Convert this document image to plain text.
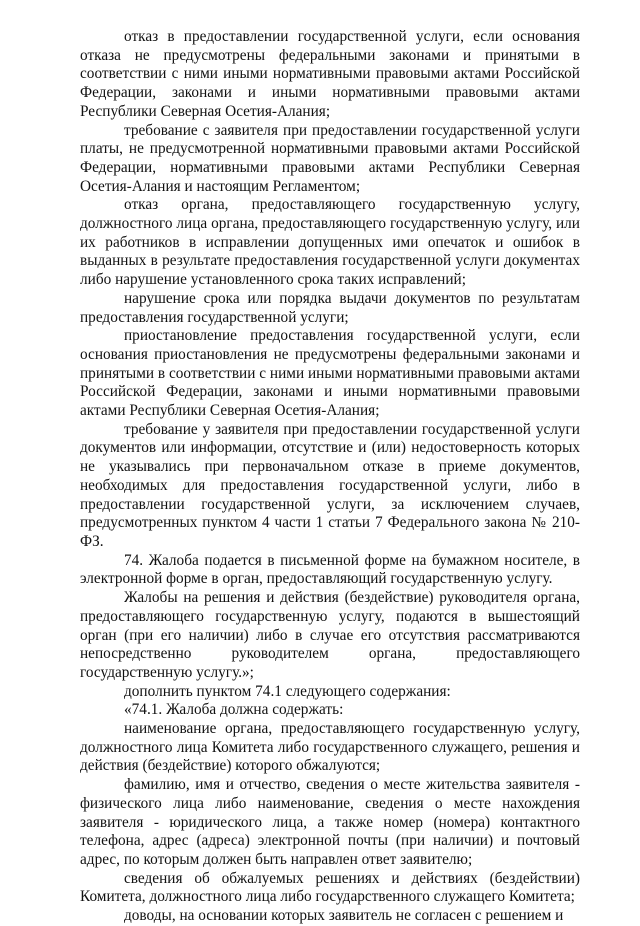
отказ в предоставлении государственной услуги, если основания отказа не предусмотрены федеральными законами и принятыми в соответствии с ними иными нормативными правовыми актами Российской Федерации, законами и иными нормативными правовыми актами Республики Северная Осетия-Алания;

требование с заявителя при предоставлении государственной услуги платы, не предусмотренной нормативными правовыми актами Российской Федерации, нормативными правовыми актами Республики Северная Осетия-Алания и настоящим Регламентом;

отказ органа, предоставляющего государственную услугу, должностного лица органа, предоставляющего государственную услугу, или их работников в исправлении допущенных ими опечаток и ошибок в выданных в результате предоставления государственной услуги документах либо нарушение установленного срока таких исправлений;

нарушение срока или порядка выдачи документов по результатам предоставления государственной услуги;

приостановление предоставления государственной услуги, если основания приостановления не предусмотрены федеральными законами и принятыми в соответствии с ними иными нормативными правовыми актами Российской Федерации, законами и иными нормативными правовыми актами Республики Северная Осетия-Алания;

требование у заявителя при предоставлении государственной услуги документов или информации, отсутствие и (или) недостоверность которых не указывались при первоначальном отказе в приеме документов, необходимых для предоставления государственной услуги, либо в предоставлении государственной услуги, за исключением случаев, предусмотренных пунктом 4 части 1 статьи 7 Федерального закона № 210-ФЗ.

74. Жалоба подается в письменной форме на бумажном носителе, в электронной форме в орган, предоставляющий государственную услугу.

Жалобы на решения и действия (бездействие) руководителя органа, предоставляющего государственную услугу, подаются в вышестоящий орган (при его наличии) либо в случае его отсутствия рассматриваются непосредственно руководителем органа, предоставляющего государственную услугу.»;

дополнить пунктом 74.1 следующего содержания:

«74.1. Жалоба должна содержать:

наименование органа, предоставляющего государственную услугу, должностного лица Комитета либо государственного служащего, решения и действия (бездействие) которого обжалуются;

фамилию, имя и отчество, сведения о месте жительства заявителя - физического лица либо наименование, сведения о месте нахождения заявителя - юридического лица, а также номер (номера) контактного телефона, адрес (адреса) электронной почты (при наличии) и почтовый адрес, по которым должен быть направлен ответ заявителю;

сведения об обжалуемых решениях и действиях (бездействии) Комитета, должностного лица либо государственного служащего Комитета;

доводы, на основании которых заявитель не согласен с решением и
